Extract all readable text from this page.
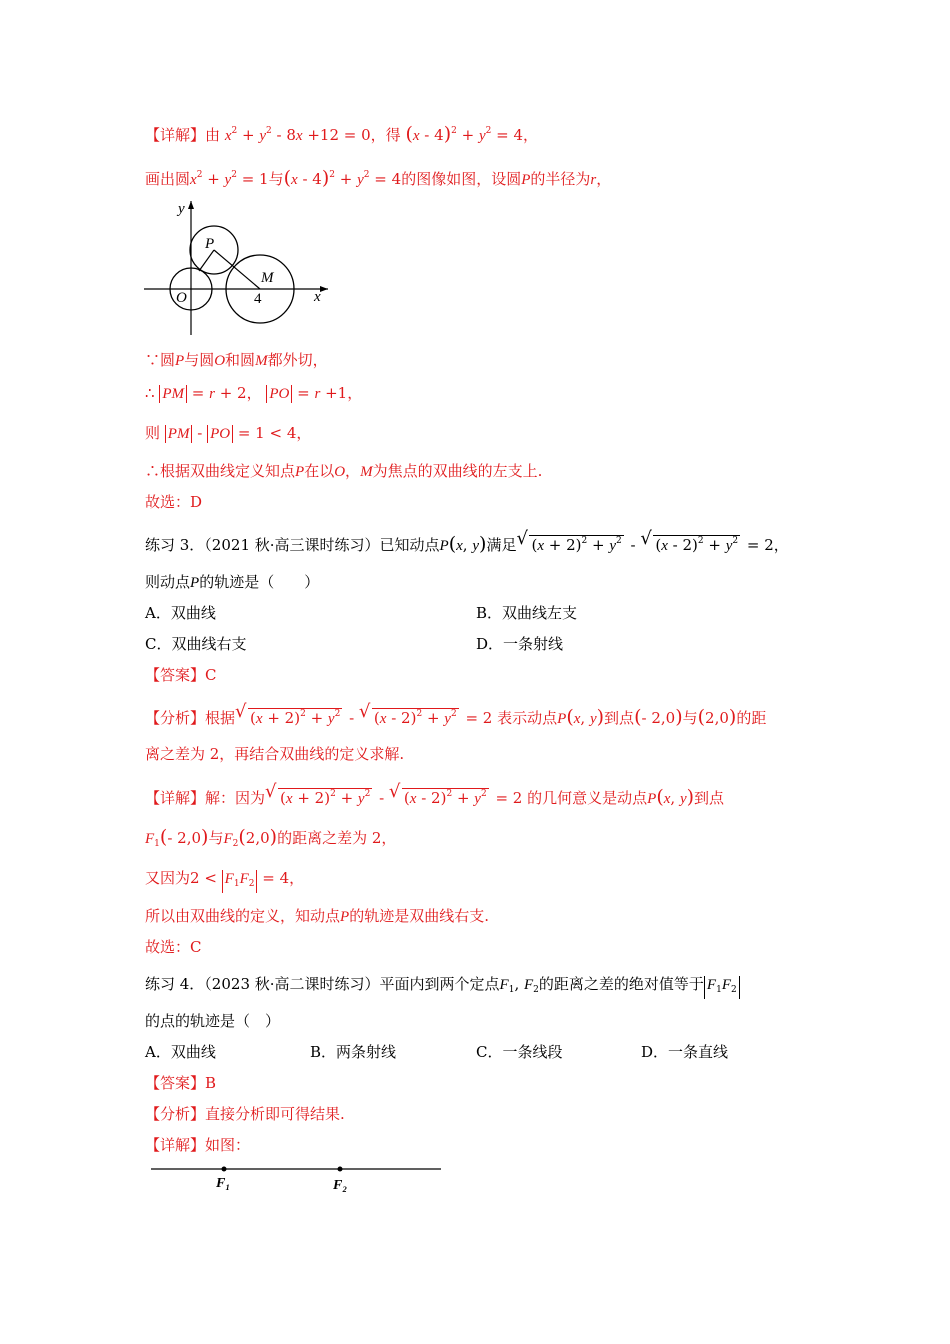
【详解】由 $x^2 + y^2 - 8x +12 = 0$，得 $(x - 4)^2 + y^2 = 4$，
画出圆$x^2 + y^2 = 1$与$(x - 4)^2 + y^2 = 4$的图像如图，设圆P的半径为r，
y
P
M
O	4	x
∵圆P与圆O和圆M都外切，
∴ PM = r + 2， PO = r +1，
则 PM - PO = 1 < 4，
∴根据双曲线定义知点P在以O，M为焦点的双曲线的左支上.
故选：D
练习 3．（2021 秋·高三课时练习）已知动点P(x, y)满足 √ $(x + 2)^2 + y^2$ - √ $(x - 2)^2 + y^2 = 2$，
则动点P的轨迹是（　　）
A．双曲线	B．双曲线左支
C．双曲线右支	D．一条射线
【答案】C
【分析】根据 √ $(x + 2)^2 + y^2$ - √ $(x - 2)^2 + y^2 = 2$ 表示动点P(x, y)到点(- 2,0)与(2,0)的距
离之差为 2，再结合双曲线的定义求解.
【详解】解：因为 √ $(x + 2)^2 + y^2$ - √ $(x - 2)^2 + y^2 = 2$ 的几何意义是动点P(x, y)到点
$F_1(-$ 2,0)与$F_2(2,0)$的距离之差为 2，
又因为$2 < F_1F_2 = 4$，
所以由双曲线的定义，知动点P的轨迹是双曲线右支.
故选：C
练习 4．（2023 秋·高二课时练习）平面内到两个定点$F_1$, $F_2$的距离之差的绝对值等于 $F_1F_2$
的点的轨迹是（　）
A．双曲线	B．两条射线	C．一条线段	D．一条直线
【答案】B
【分析】直接分析即可得结果.
【详解】如图：
F₁	F₂
